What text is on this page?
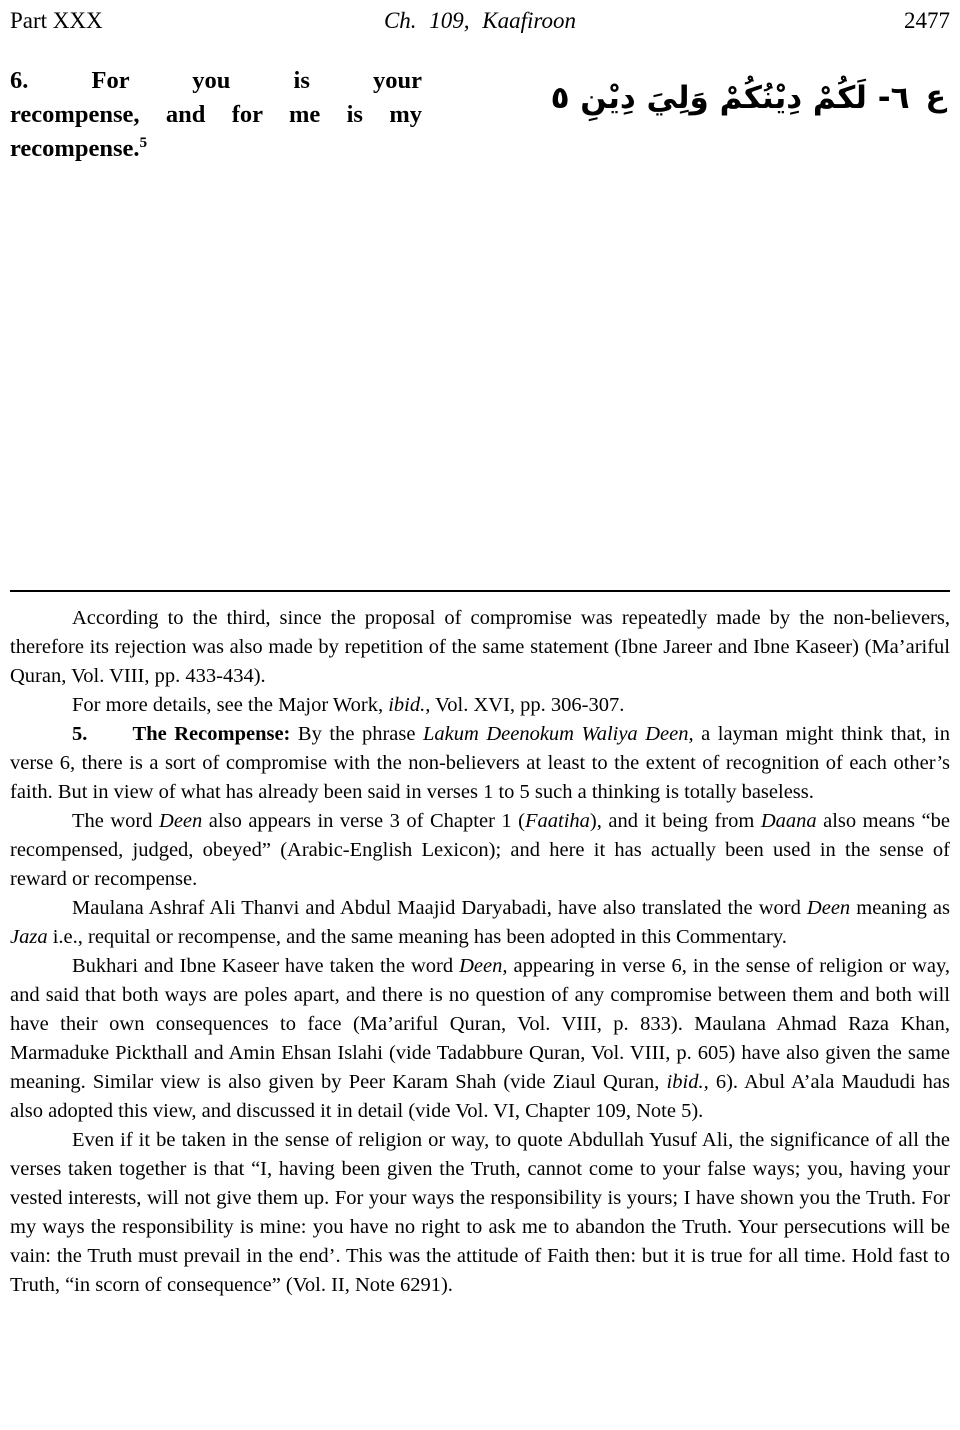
Part XXX	Ch. 109, Kaafiroon	2477
6. For you is your
recompense, and for me is my
recompense.$^5$
ع
٦- لَكُمْ دِيْنُكُمْ وَلِيَ دِيْنِ ٥

According to the third, since the proposal of compromise was repeatedly made by the non-believers, therefore its rejection was also made by repetition of the same statement (Ibne Jareer and Ibne Kaseer) (Ma’ariful Quran, Vol. VIII, pp. 433-434).

For more details, see the Major Work, ibid., Vol. XVI, pp. 306-307.

5.      The Recompense: By the phrase Lakum Deenokum Waliya Deen, a layman might think that, in verse 6, there is a sort of compromise with the non-believers at least to the extent of recognition of each other’s faith. But in view of what has already been said in verses 1 to 5 such a thinking is totally baseless.

The word Deen also appears in verse 3 of Chapter 1 (Faatiha), and it being from Daana also means “be recompensed, judged, obeyed” (Arabic-English Lexicon); and here it has actually been used in the sense of reward or recompense.

Maulana Ashraf Ali Thanvi and Abdul Maajid Daryabadi, have also translated the word Deen meaning as Jaza i.e., requital or recompense, and the same meaning has been adopted in this Commentary.

Bukhari and Ibne Kaseer have taken the word Deen, appearing in verse 6, in the sense of religion or way, and said that both ways are poles apart, and there is no question of any compromise between them and both will have their own consequences to face (Ma’ariful Quran, Vol. VIII, p. 833). Maulana Ahmad Raza Khan, Marmaduke Pickthall and Amin Ehsan Islahi (vide Tadabbure Quran, Vol. VIII, p. 605) have also given the same meaning. Similar view is also given by Peer Karam Shah (vide Ziaul Quran, ibid., 6). Abul A’ala Maududi has also adopted this view, and discussed it in detail (vide Vol. VI, Chapter 109, Note 5).

Even if it be taken in the sense of religion or way, to quote Abdullah Yusuf Ali, the significance of all the verses taken together is that “I, having been given the Truth, cannot come to your false ways; you, having your vested interests, will not give them up. For your ways the responsibility is yours; I have shown you the Truth. For my ways the responsibility is mine: you have no right to ask me to abandon the Truth. Your persecutions will be vain: the Truth must prevail in the end’. This was the attitude of Faith then: but it is true for all time. Hold fast to Truth, “in scorn of consequence” (Vol. II, Note 6291).
